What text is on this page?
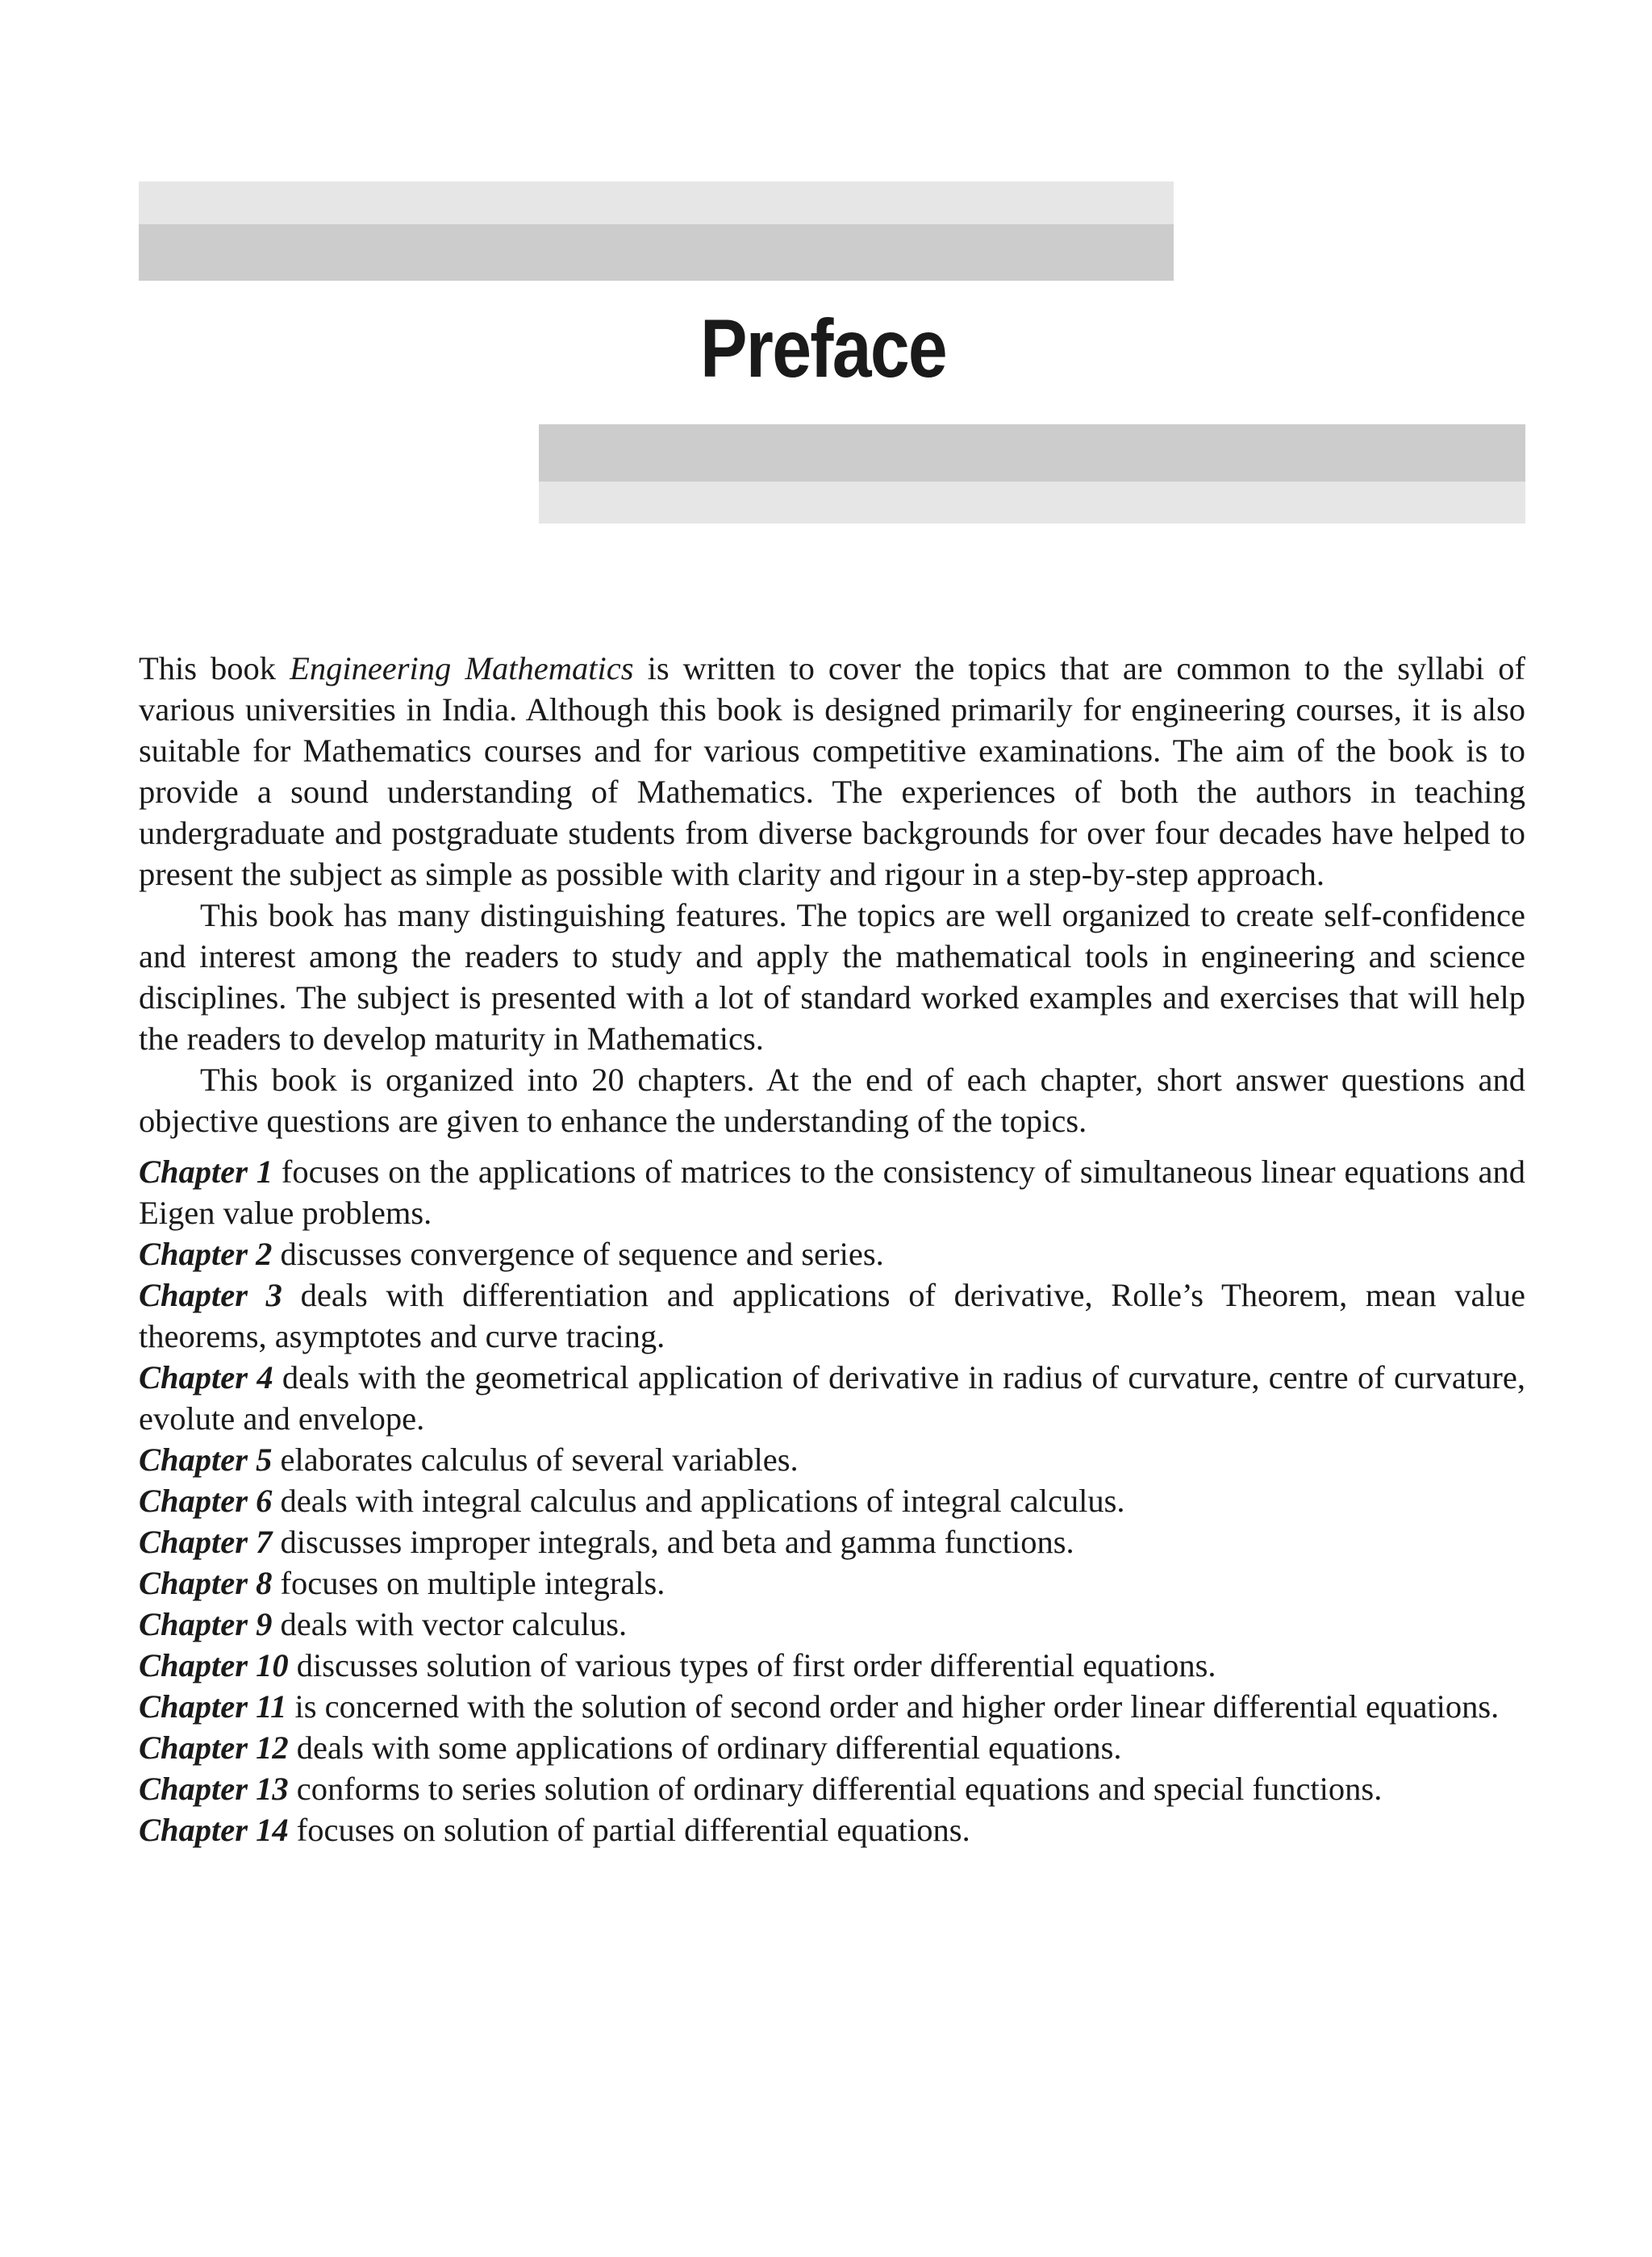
Preface

This book Engineering Mathematics is written to cover the topics that are common to the syllabi of various universities in India. Although this book is designed primarily for engineering courses, it is also suitable for Mathematics courses and for various competitive examinations. The aim of the book is to provide a sound understanding of Mathematics. The experiences of both the authors in teaching undergraduate and postgraduate students from diverse backgrounds for over four decades have helped to present the subject as simple as possible with clarity and rigour in a step-by-step approach.

This book has many distinguishing features. The topics are well organized to create self-confidence and interest among the readers to study and apply the mathematical tools in engineering and science disciplines. The subject is presented with a lot of standard worked examples and exercises that will help the readers to develop maturity in Mathematics.

This book is organized into 20 chapters. At the end of each chapter, short answer questions and objective questions are given to enhance the understanding of the topics.

Chapter 1 focuses on the applications of matrices to the consistency of simultaneous linear equations and Eigen value problems.

Chapter 2 discusses convergence of sequence and series.

Chapter 3 deals with differentiation and applications of derivative, Rolle’s Theorem, mean value theorems, asymptotes and curve tracing.

Chapter 4 deals with the geometrical application of derivative in radius of curvature, centre of curvature, evolute and envelope.

Chapter 5 elaborates calculus of several variables.

Chapter 6 deals with integral calculus and applications of integral calculus.

Chapter 7 discusses improper integrals, and beta and gamma functions.

Chapter 8 focuses on multiple integrals.

Chapter 9 deals with vector calculus.

Chapter 10 discusses solution of various types of first order differential equations.

Chapter 11 is concerned with the solution of second order and higher order linear differential equations.

Chapter 12 deals with some applications of ordinary differential equations.

Chapter 13 conforms to series solution of ordinary differential equations and special functions.

Chapter 14 focuses on solution of partial differential equations.
